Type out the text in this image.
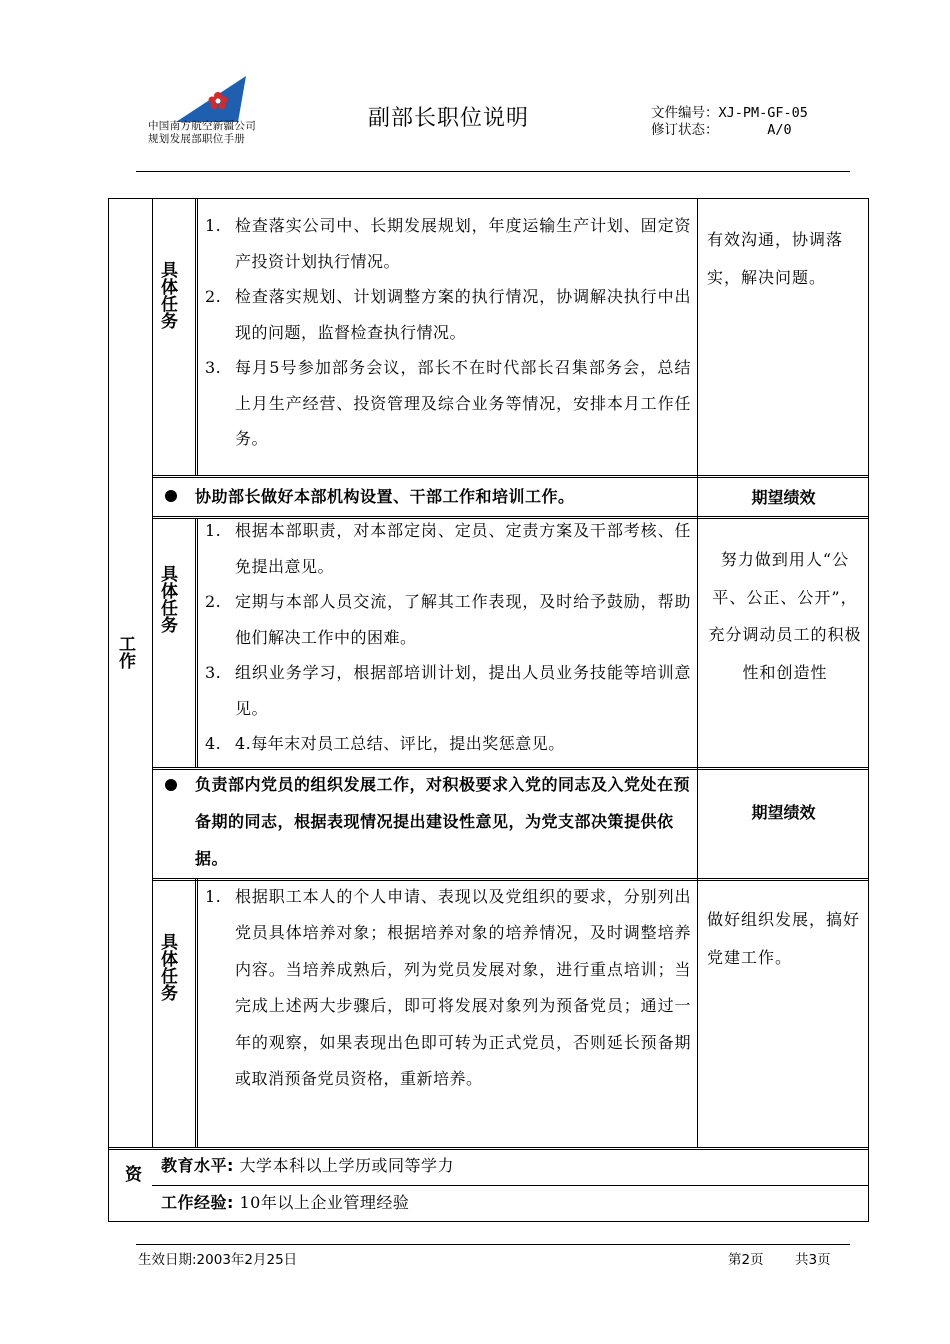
中国南方航空新疆公司
规划发展部职位手册
副部长职位说明	文件编号：XJ-PM-GF-05
修订状态：	A/0
工作
资
具体任务
1. 检查落实公司中、长期发展规划，年度运输生产计划、固定资产投资计划执行情况。
2. 检查落实规划、计划调整方案的执行情况，协调解决执行中出现的问题，监督检查执行情况。
3. 每月5号参加部务会议，部长不在时代部长召集部务会，总结上月生产经营、投资管理及综合业务等情况，安排本月工作任务。
有效沟通，协调落实，解决问题。
协助部长做好本部机构设置、干部工作和培训工作。	期望绩效
具体任务
1. 根据本部职责，对本部定岗、定员、定责方案及干部考核、任免提出意见。
2. 定期与本部人员交流，了解其工作表现，及时给予鼓励，帮助他们解决工作中的困难。
3. 组织业务学习，根据部培训计划，提出人员业务技能等培训意见。
4. 4.每年末对员工总结、评比，提出奖惩意见。
努力做到用人“公平、公正、公开”，充分调动员工的积极性和创造性
负责部内党员的组织发展工作，对积极要求入党的同志及入党处在预备期的同志，根据表现情况提出建设性意见，为党支部决策提供依据。
期望绩效
具体任务
1. 根据职工本人的个人申请、表现以及党组织的要求，分别列出党员具体培养对象；根据培养对象的培养情况，及时调整培养内容。当培养成熟后，列为党员发展对象，进行重点培训；当完成上述两大步骤后，即可将发展对象列为预备党员；通过一年的观察，如果表现出色即可转为正式党员，否则延长预备期或取消预备党员资格，重新培养。
做好组织发展，搞好党建工作。
教育水平: 大学本科以上学历或同等学力
工作经验: 10年以上企业管理经验
生效日期:2003年2月25日	第2页 共3页
